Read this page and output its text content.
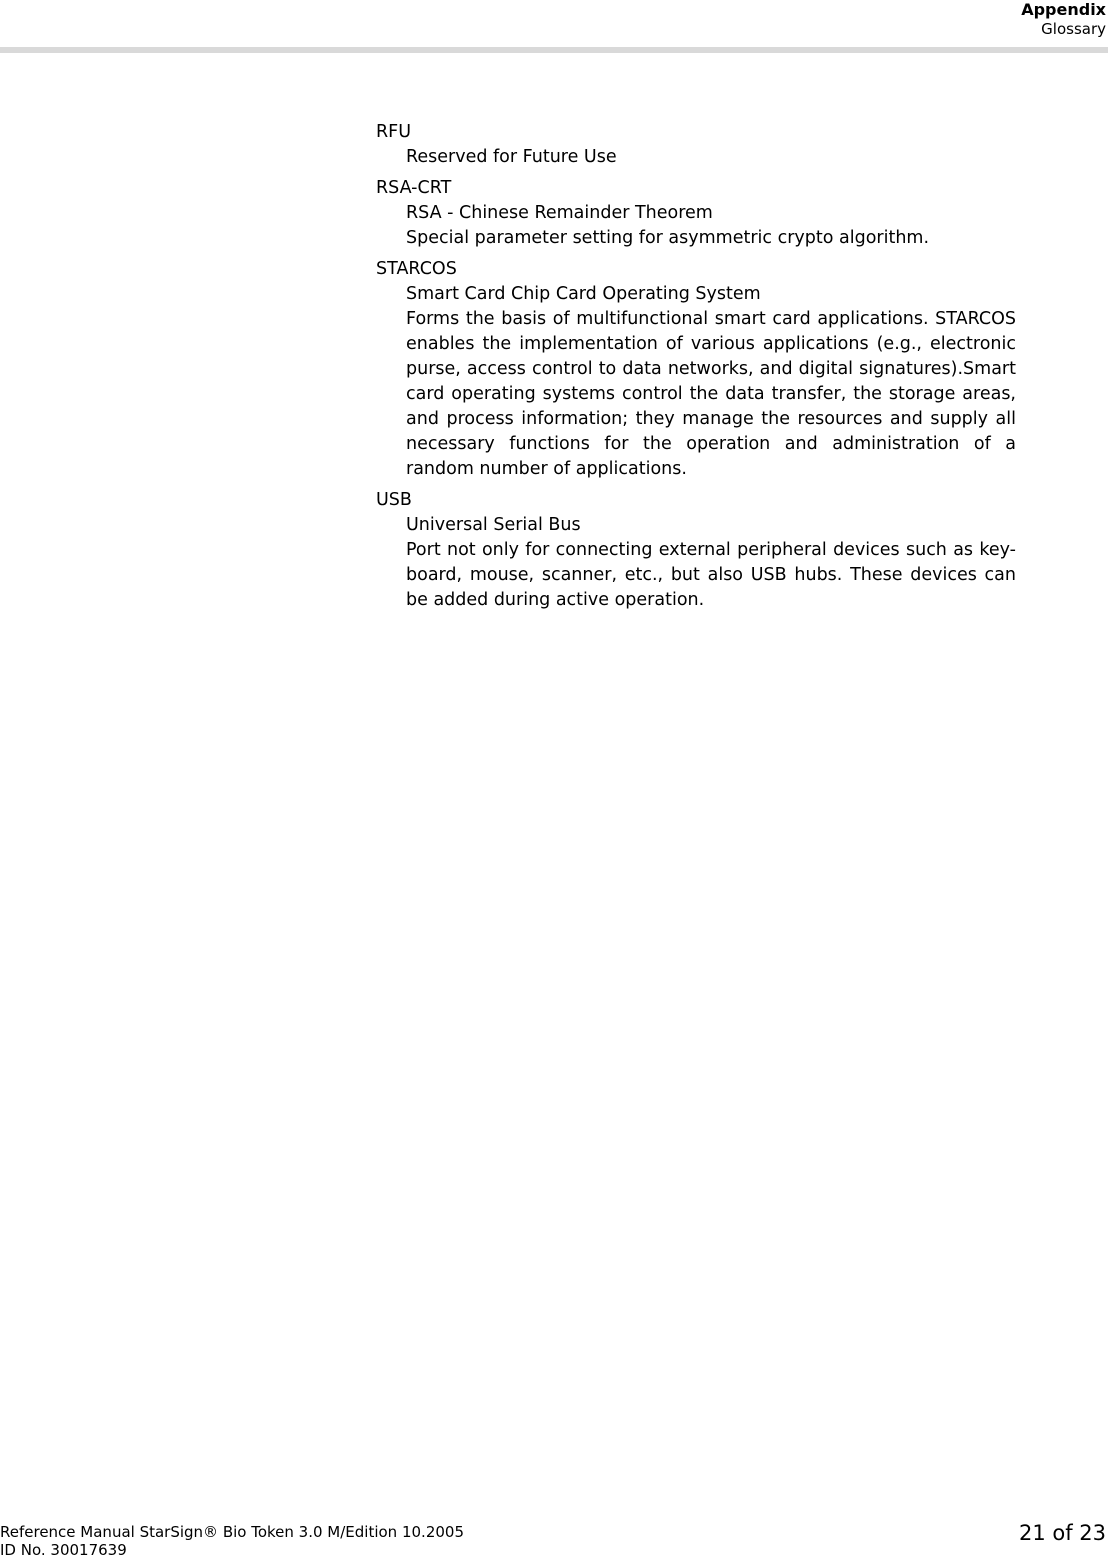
Appendix
Glossary
RFU
Reserved for Future Use
RSA-CRT
RSA - Chinese Remainder Theorem
Special parameter setting for asymmetric crypto algorithm.
STARCOS
Smart Card Chip Card Operating System
Forms the basis of multifunctional smart card applications. STARCOS enables the implementation of various applications (e.g., electronic purse, access control to data networks, and digital signatures).Smart card operating systems control the data transfer, the storage areas, and process information; they manage the resources and supply all necessary functions for the operation and administration of a random number of applications.
USB
Universal Serial Bus
Port not only for connecting external peripheral devices such as key-board, mouse, scanner, etc., but also USB hubs. These devices can be added during active operation.
Reference Manual StarSign® Bio Token 3.0 M/Edition 10.2005
ID No. 30017639
21 of 23
